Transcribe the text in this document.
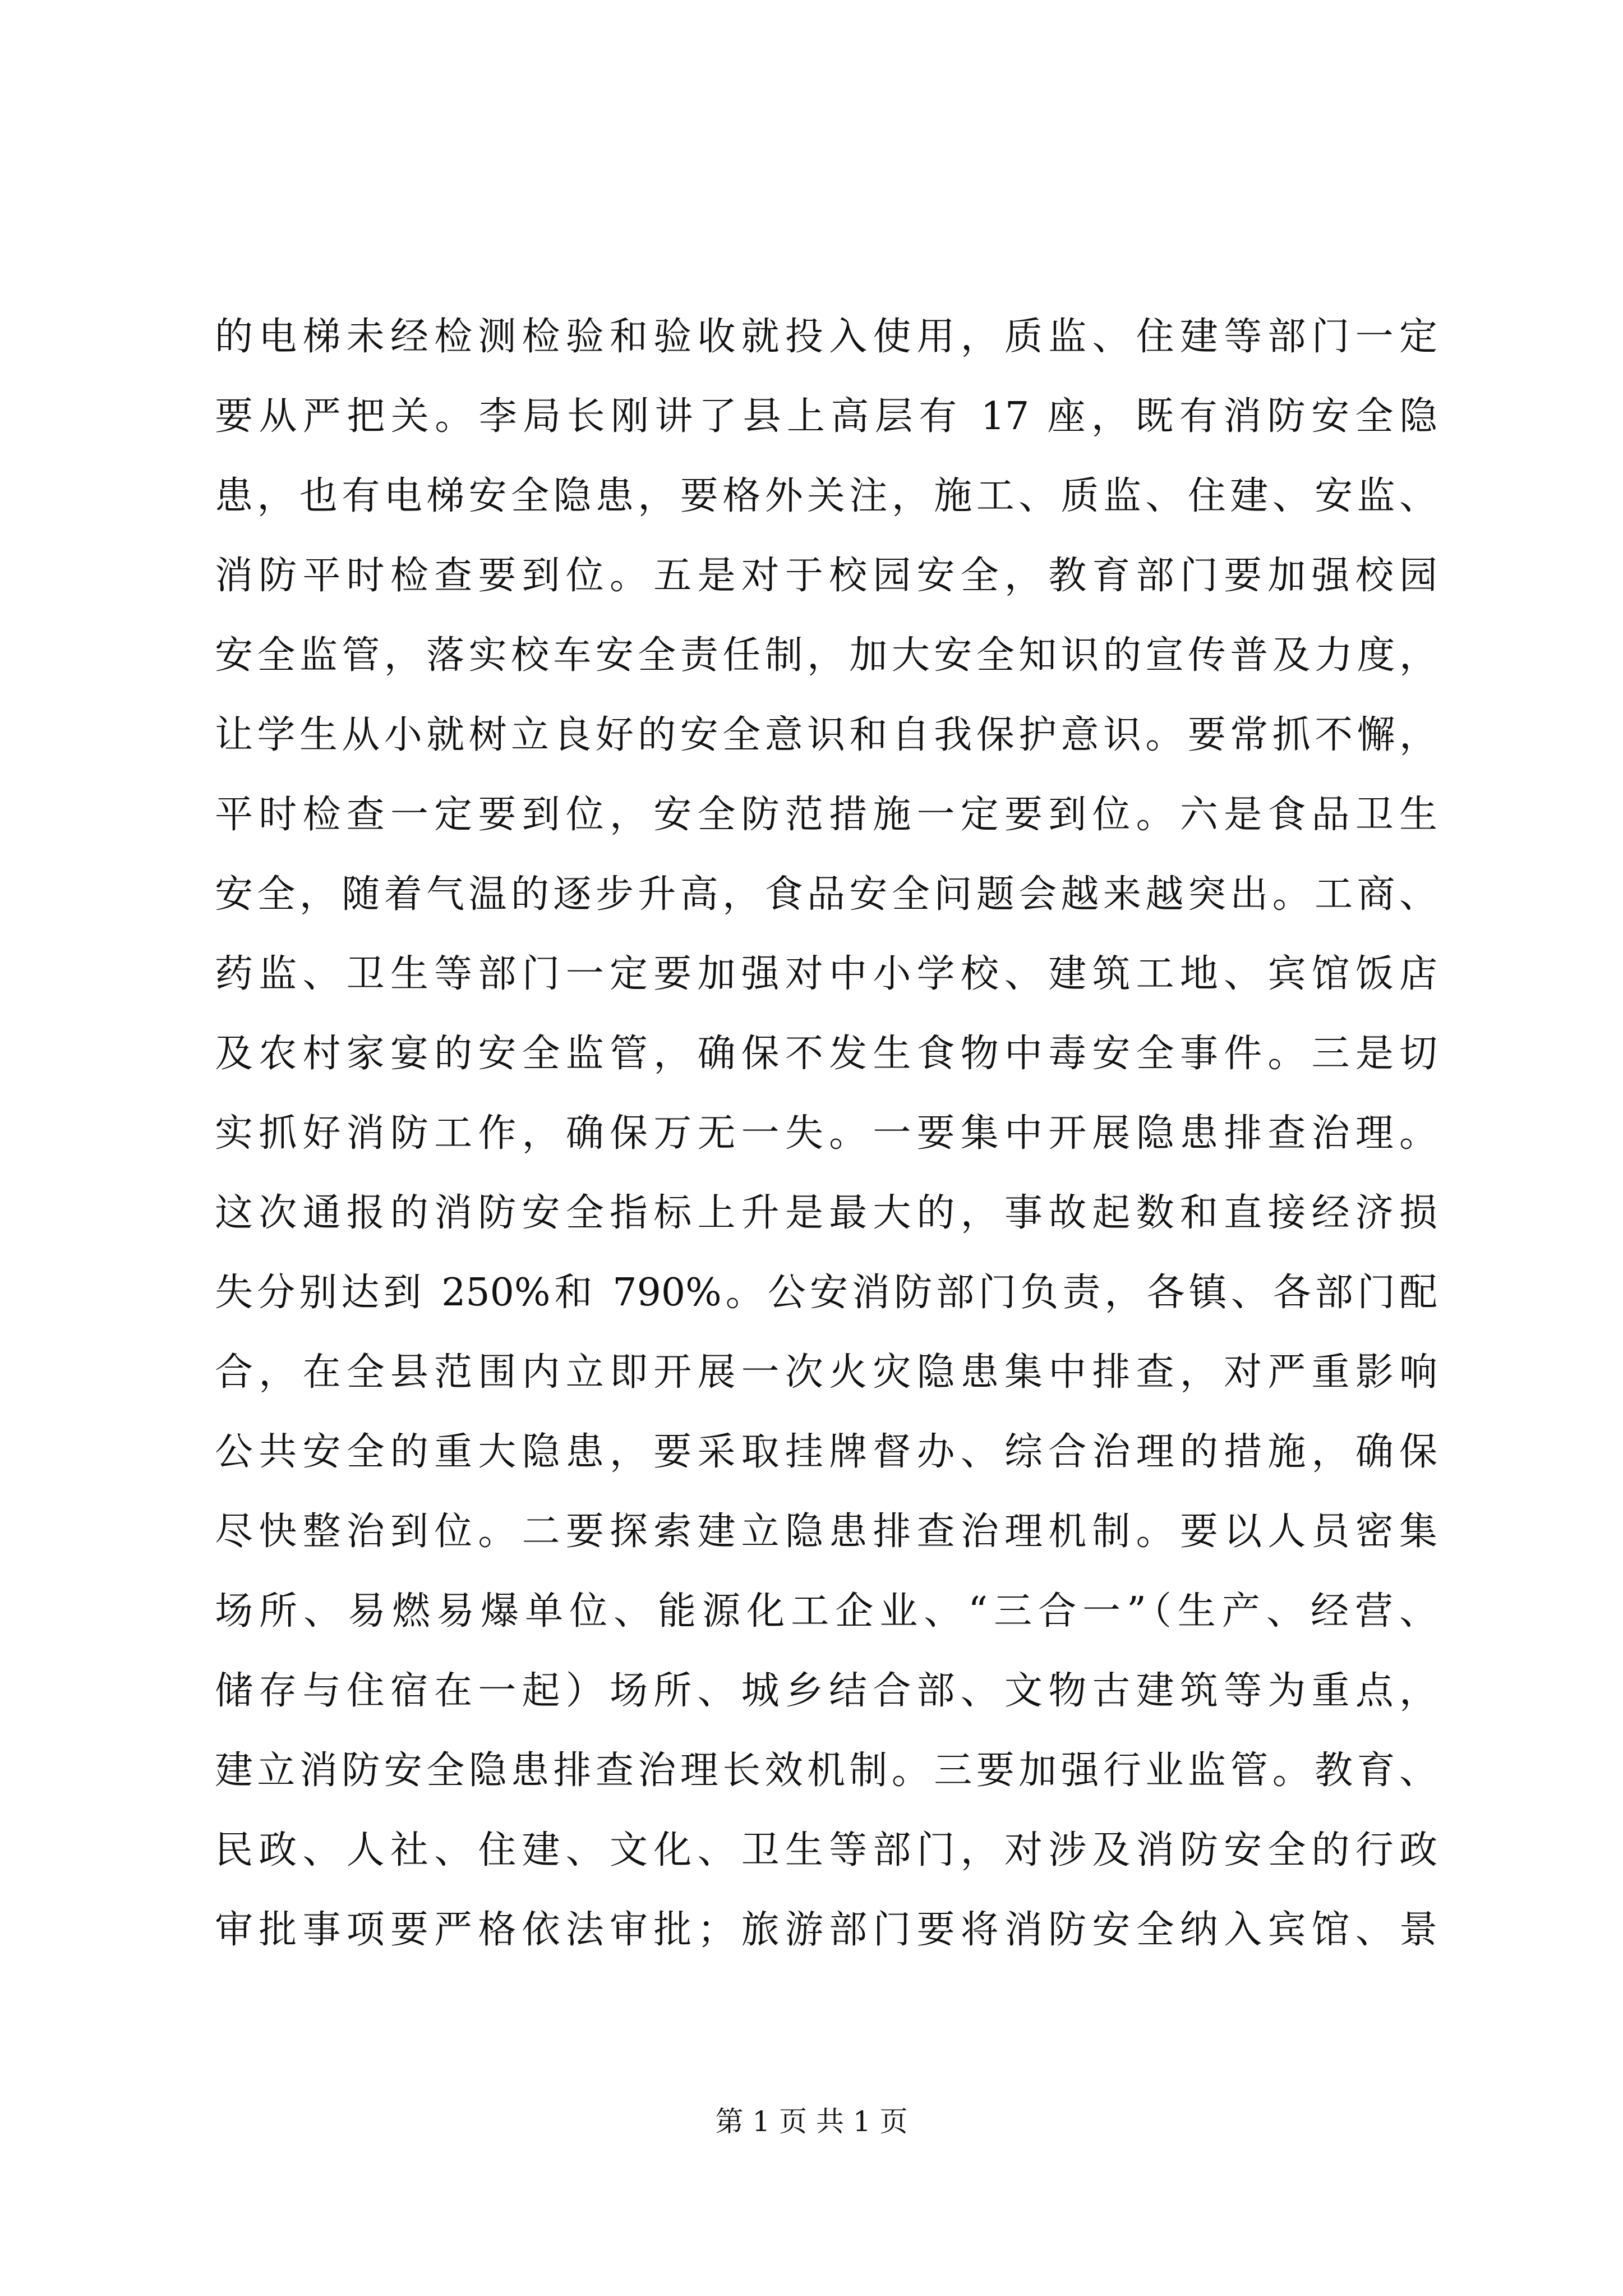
的电梯未经检测检验和验收就投入使用，质监、住建等部门一定
要从严把关。李局长刚讲了县上高层有 17 座，既有消防安全隐
患，也有电梯安全隐患，要格外关注，施工、质监、住建、安监、
消防平时检查要到位。五是对于校园安全，教育部门要加强校园
安全监管，落实校车安全责任制，加大安全知识的宣传普及力度，
让学生从小就树立良好的安全意识和自我保护意识。要常抓不懈，
平时检查一定要到位，安全防范措施一定要到位。六是食品卫生
安全，随着气温的逐步升高，食品安全问题会越来越突出。工商、
药监、卫生等部门一定要加强对中小学校、建筑工地、宾馆饭店
及农村家宴的安全监管，确保不发生食物中毒安全事件。三是切
实抓好消防工作，确保万无一失。一要集中开展隐患排查治理。
这次通报的消防安全指标上升是最大的，事故起数和直接经济损
失分别达到 250%和 790%。公安消防部门负责，各镇、各部门配
合，在全县范围内立即开展一次火灾隐患集中排查，对严重影响
公共安全的重大隐患，要采取挂牌督办、综合治理的措施，确保
尽快整治到位。二要探索建立隐患排查治理机制。要以人员密集
场所、易燃易爆单位、能源化工企业、“三合一”（生产、经营、
储存与住宿在一起）场所、城乡结合部、文物古建筑等为重点，
建立消防安全隐患排查治理长效机制。三要加强行业监管。教育、
民政、人社、住建、文化、卫生等部门，对涉及消防安全的行政
审批事项要严格依法审批；旅游部门要将消防安全纳入宾馆、景
第 1 页 共 1 页
